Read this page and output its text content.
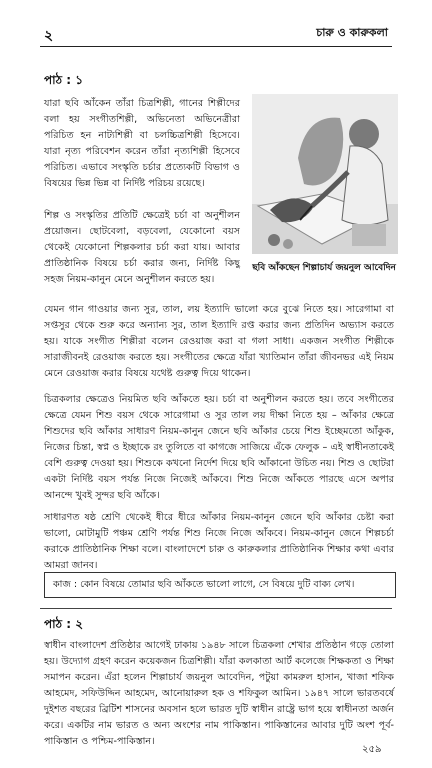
২	চারু ও কারুকলা
পাঠ : ১

যারা ছবি আঁকেন তাঁরা চিত্রশিল্পী, গানের শিল্পীদের বলা হয় সংগীতশিল্পী, অভিনেতা অভিনেত্রীরা পরিচিত হন নাট্যশিল্পী বা চলচ্চিত্রশিল্পী হিসেবে। যারা নৃত্য পরিবেশন করেন তাঁরা নৃত্যশিল্পী হিসেবে পরিচিত। এভাবে সংস্কৃতি চর্চার প্রত্যেকটি বিভাগ ও বিষয়ের ভিন্ন ভিন্ন বা নির্দিষ্ট পরিচয় রয়েছে।

শিল্প ও সংস্কৃতির প্রতিটি ক্ষেত্রেই চর্চা বা অনুশীলন প্রয়োজন। ছোটবেলা, বড়বেলা, যেকোনো বয়স থেকেই যেকোনো শিল্পকলার চর্চা করা যায়। আবার প্রাতিষ্ঠানিক বিষয়ে চর্চা করার জন্য, নির্দিষ্ট কিছু সহজ নিয়ম-কানুন মেনে অনুশীলন করতে হয়।

ছবি আঁকছেন শিল্পাচার্য জয়নুল আবেদিন

যেমন গান গাওয়ার জন্য সুর, তাল, লয় ইত্যাদি ভালো করে বুঝে নিতে হয়। সারেগামা বা সপ্তসুর থেকে শুরু করে অন্যান্য সুর, তাল ইত্যাদি রপ্ত করার জন্য প্রতিদিন অভ্যাস করতে হয়। যাকে সংগীত শিল্পীরা বলেন রেওয়াজ করা বা গলা সাধা। একজন সংগীত শিল্পীকে সারাজীবনই রেওয়াজ করতে হয়। সংগীতের ক্ষেত্রে যাঁরা খ্যাতিমান তাঁরা জীবনভর এই নিয়ম মেনে রেওয়াজ করার বিষয়ে যথেষ্ট গুরুত্ব দিয়ে থাকেন।

চিত্রকলার ক্ষেত্রেও নিয়মিত ছবি আঁকতে হয়। চর্চা বা অনুশীলন করতে হয়। তবে সংগীতের ক্ষেত্রে যেমন শিশু বয়স থেকে সারেগামা ও সুর তাল লয় দীক্ষা নিতে হয় – আঁকার ক্ষেত্রে শিশুদের ছবি আঁকার সাধারণ নিয়ম-কানুন জেনে ছবি আঁকার চেয়ে শিশু ইচ্ছেমতো আঁকুক, নিজের চিন্তা, স্বপ্ন ও ইচ্ছাকে রং তুলিতে বা কাগজে সাজিয়ে এঁকে ফেলুক – এই স্বাধীনতাকেই বেশি গুরুত্ব দেওয়া হয়। শিশুকে কখনো নির্দেশ দিয়ে ছবি আঁকানো উচিত নয়। শিশু ও ছোটরা একটা নির্দিষ্ট বয়স পর্যন্ত নিজে নিজেই আঁকবে। শিশু নিজে আঁকতে পারছে এসে অপার আনন্দে খুবই সুন্দর ছবি আঁকে।

সাধারণত ষষ্ঠ শ্রেণি থেকেই ধীরে ধীরে আঁকার নিয়ম-কানুন জেনে ছবি আঁকার চেষ্টা করা ভালো, মোটামুটি পঞ্চম শ্রেণি পর্যন্ত শিশু নিজে নিজে আঁকবে। নিয়ম-কানুন জেনে শিল্পচর্চা করাকে প্রাতিষ্ঠানিক শিক্ষা বলে। বাংলাদেশে চারু ও কারুকলার প্রাতিষ্ঠানিক শিক্ষার কথা এবার আমরা জানব।

কাজ : কোন বিষয়ে তোমার ছবি আঁকতে ভালো লাগে, সে বিষয়ে দুটি বাক্য লেখ।

পাঠ : ২

স্বাধীন বাংলাদেশ প্রতিষ্ঠার আগেই ঢাকায় ১৯৪৮ সালে চিত্রকলা শেখার প্রতিষ্ঠান গড়ে তোলা হয়। উদ্যোগ গ্রহণ করেন কয়েকজন চিত্রশিল্পী। যাঁরা কলকাতা আর্ট কলেজে শিক্ষকতা ও শিক্ষা সমাপন করেন। এঁরা হলেন শিল্পাচার্য জয়নুল আবেদিন, পটুয়া কামরুল হাসান, খাজা শফিক আহমেদ, সফিউদ্দিন আহমেদ, আনোয়ারুল হক ও শফিকুল আমিন। ১৯৪৭ সালে ভারতবর্ষে দুইশত বছরের ব্রিটিশ শাসনের অবসান হলে ভারত দুটি স্বাধীন রাষ্ট্রে ভাগ হয়ে স্বাধীনতা অর্জন করে। একটির নাম ভারত ও অন্য অংশের নাম পাকিস্তান। পাকিস্তানের আবার দুটি অংশ পূর্ব-পাকিস্তান ও পশ্চিম-পাকিস্তান।

২৫৯
